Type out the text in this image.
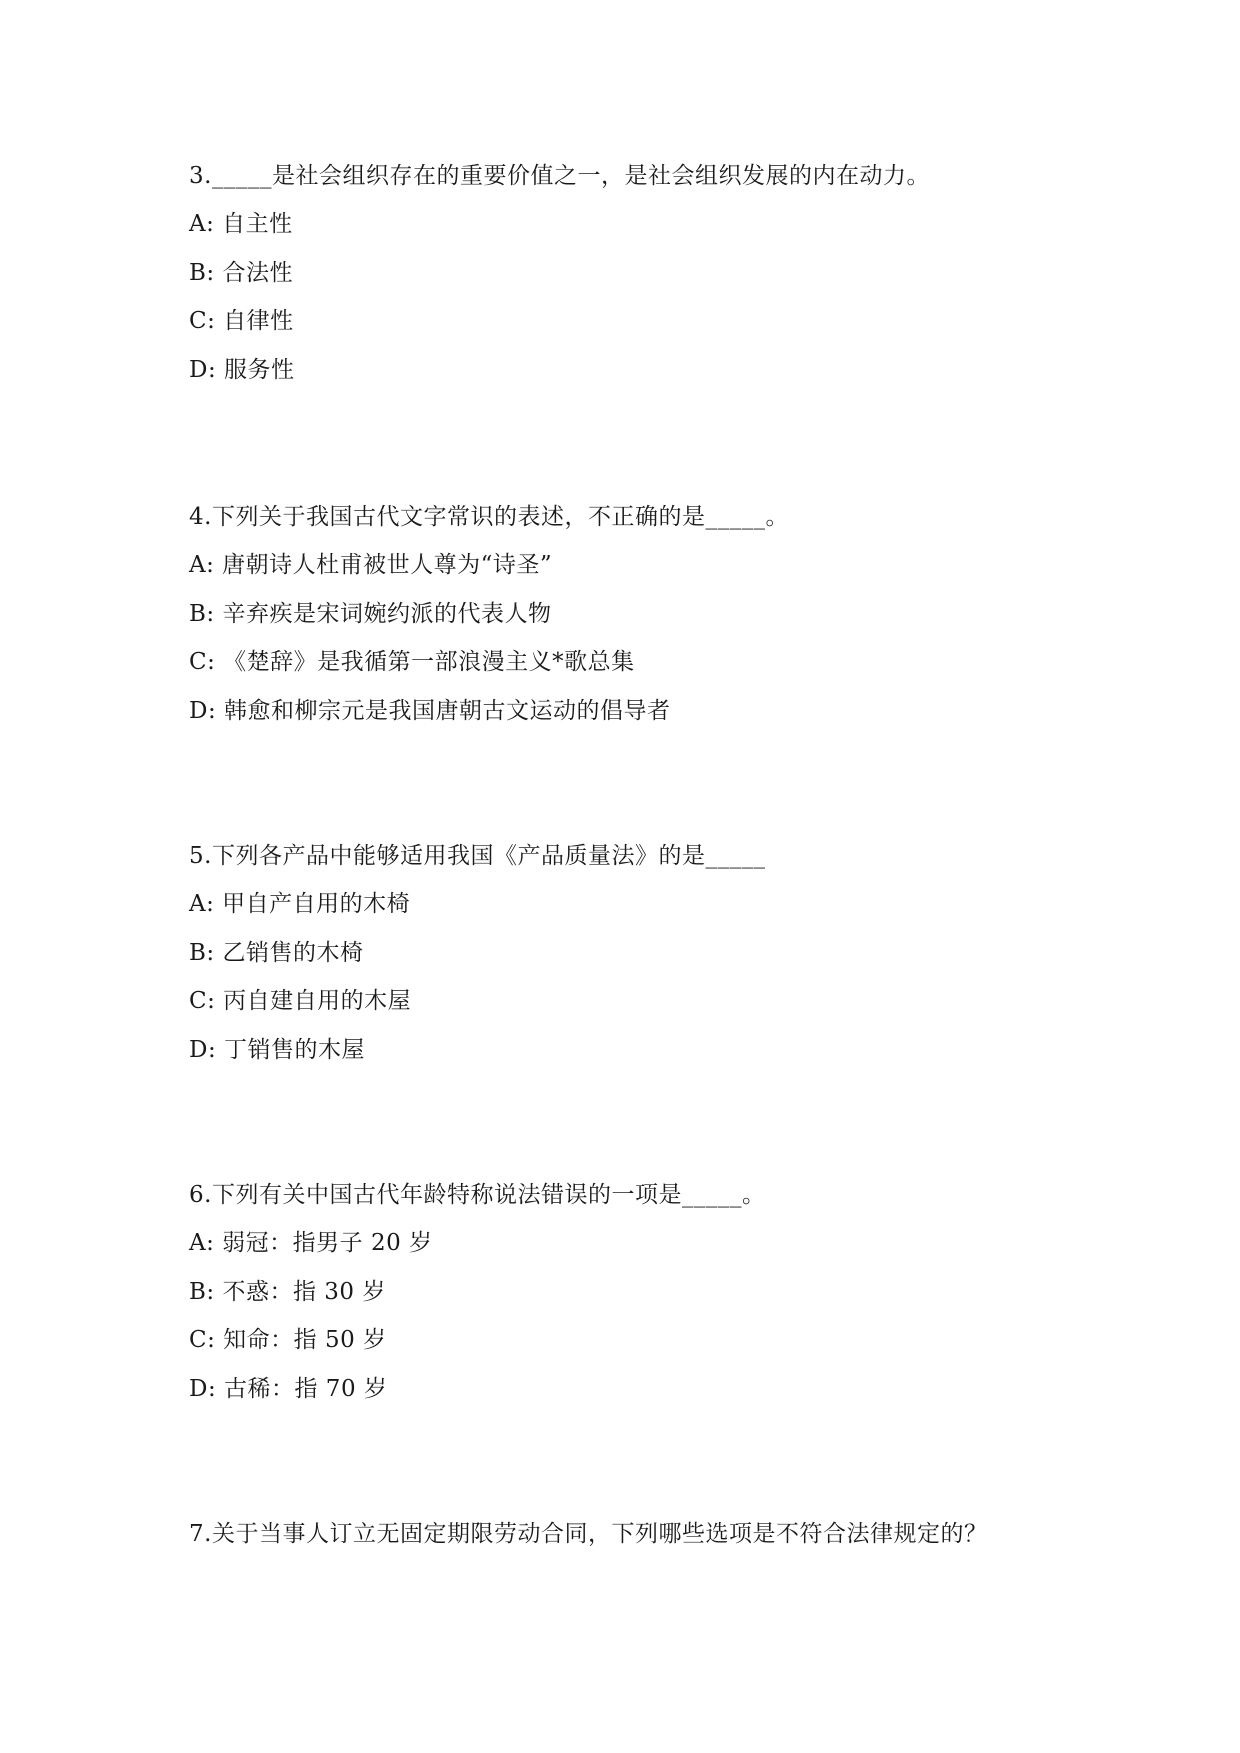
3._____是社会组织存在的重要价值之一，是社会组织发展的内在动力。
A: 自主性
B: 合法性
C: 自律性
D: 服务性
4.下列关于我国古代文字常识的表述，不正确的是_____。
A: 唐朝诗人杜甫被世人尊为“诗圣”
B: 辛弃疾是宋词婉约派的代表人物
C: 《楚辞》是我循第一部浪漫主义*歌总集
D: 韩愈和柳宗元是我国唐朝古文运动的倡导者
5.下列各产品中能够适用我国《产品质量法》的是_____
A: 甲自产自用的木椅
B: 乙销售的木椅
C: 丙自建自用的木屋
D: 丁销售的木屋
6.下列有关中国古代年龄特称说法错误的一项是_____。
A: 弱冠：指男子 20 岁
B: 不惑：指 30 岁
C: 知命：指 50 岁
D: 古稀：指 70 岁
7.关于当事人订立无固定期限劳动合同，下列哪些选项是不符合法律规定的？
